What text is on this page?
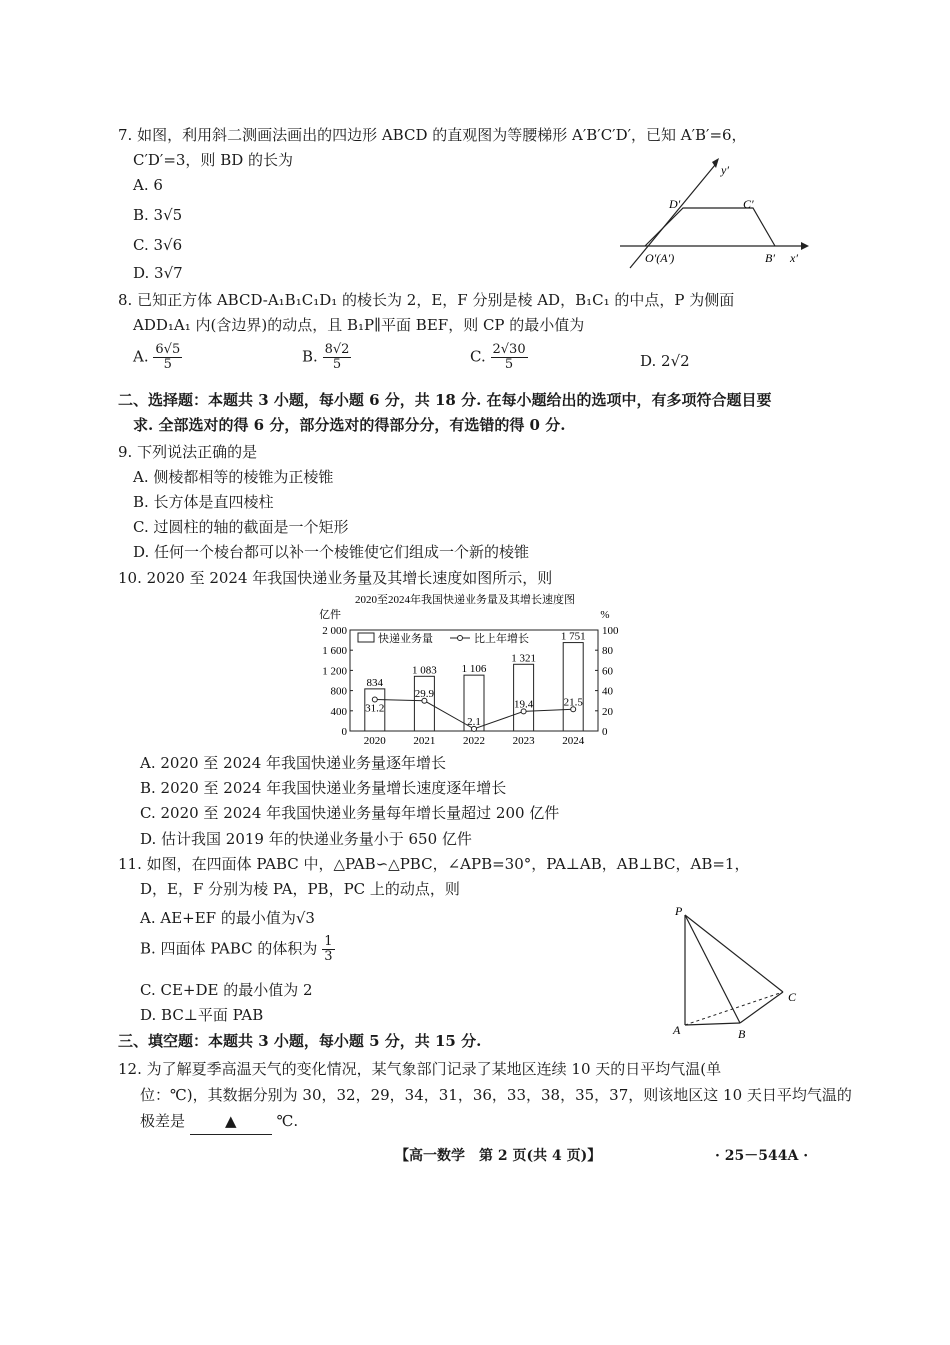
7. 如图，利用斜二测画法画出的四边形 ABCD 的直观图为等腰梯形 A′B′C′D′，已知 A′B′=6，
C′D′=3，则 BD 的长为
A. 6
B. 3√5
C. 3√6
D. 3√7
y′
D′	C′
O′(A′)	B′ x′
8. 已知正方体 ABCD-A₁B₁C₁D₁ 的棱长为 2，E，F 分别是棱 AD，B₁C₁ 的中点，P 为侧面
ADD₁A₁ 内(含边界)的动点，且 B₁P∥平面 BEF，则 CP 的最小值为
A. $\frac{6√5}{5}$	B. $\frac{8√2}{5}$	C. $\frac{2√30}{5}$	D. 2√2
二、选择题：本题共 3 小题，每小题 6 分，共 18 分. 在每小题给出的选项中，有多项符合题目要
求. 全部选对的得 6 分，部分选对的得部分分，有选错的得 0 分.
9. 下列说法正确的是
A. 侧棱都相等的棱锥为正棱锥
B. 长方体是直四棱柱
C. 过圆柱的轴的截面是一个矩形
D. 任何一个棱台都可以补一个棱锥使它们组成一个新的棱锥
10. 2020 至 2024 年我国快递业务量及其增长速度如图所示，则
2020至2024年我国快递业务量及其增长速度图
亿件	%
0
400
800
1 200
1 600
2 000
0
20
40
60
80
100
834
2020
1 083
2021
1 106
2022
1 321
2023
1 751
2024
31.2
29.9
2.1
19.4	21.5
快递业务量	比上年增长
A. 2020 至 2024 年我国快递业务量逐年增长
B. 2020 至 2024 年我国快递业务量增长速度逐年增长
C. 2020 至 2024 年我国快递业务量每年增长量超过 200 亿件
D. 估计我国 2019 年的快递业务量小于 650 亿件
11. 如图，在四面体 PABC 中，△PAB∽△PBC，∠APB=30°，PA⊥AB，AB⊥BC，AB=1，
D，E，F 分别为棱 PA，PB，PC 上的动点，则
A. AE+EF 的最小值为√3
B. 四面体 PABC 的体积为 $\frac{1}{3}$
C. CE+DE 的最小值为 2
D. BC⊥平面 PAB
P
A	B
C
三、填空题：本题共 3 小题，每小题 5 分，共 15 分.
12. 为了解夏季高温天气的变化情况，某气象部门记录了某地区连续 10 天的日平均气温(单
位：℃)，其数据分别为 30，32，29，34，31，36，33，38，35，37，则该地区这 10 天日平均气温的
极差是	▲	℃.
【高一数学　第 2 页(共 4 页)】	· 25－544A ·
